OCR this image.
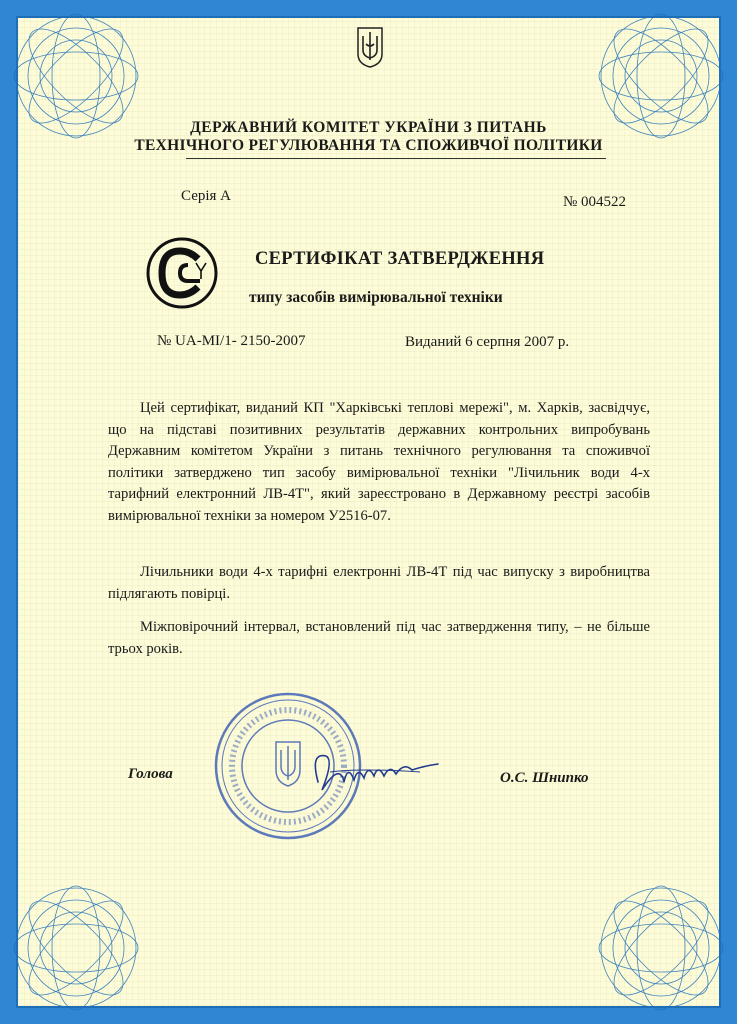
ДЕРЖАВНИЙ КОМІТЕТ УКРАЇНИ З ПИТАНЬ
ТЕХНІЧНОГО РЕГУЛЮВАННЯ ТА СПОЖИВЧОЇ ПОЛІТИКИ
Серія А	№ 004522
СЕРТИФІКАТ ЗАТВЕРДЖЕННЯ
типу засобів вимірювальної техніки
№ UA-MI/1- 2150-2007	Виданий 6 серпня 2007 р.
Цей сертифікат, виданий КП "Харківські теплові мережі", м. Харків, засвідчує, що на підставі позитивних результатів державних контрольних випробувань Державним комітетом України з питань технічного регулювання та споживчої політики затверджено тип засобу вимірювальної техніки "Лічильник води 4-х тарифний електронний ЛВ-4Т", який зареєстровано в Державному реєстрі засобів вимірювальної техніки за номером У2516-07.
Лічильники води 4-х тарифні електронні ЛВ-4Т під час випуску з виробництва підлягають повірці.
Міжповірочний інтервал, встановлений під час затвердження типу, – не більше трьох років.
Голова	О.С. Шнипко
